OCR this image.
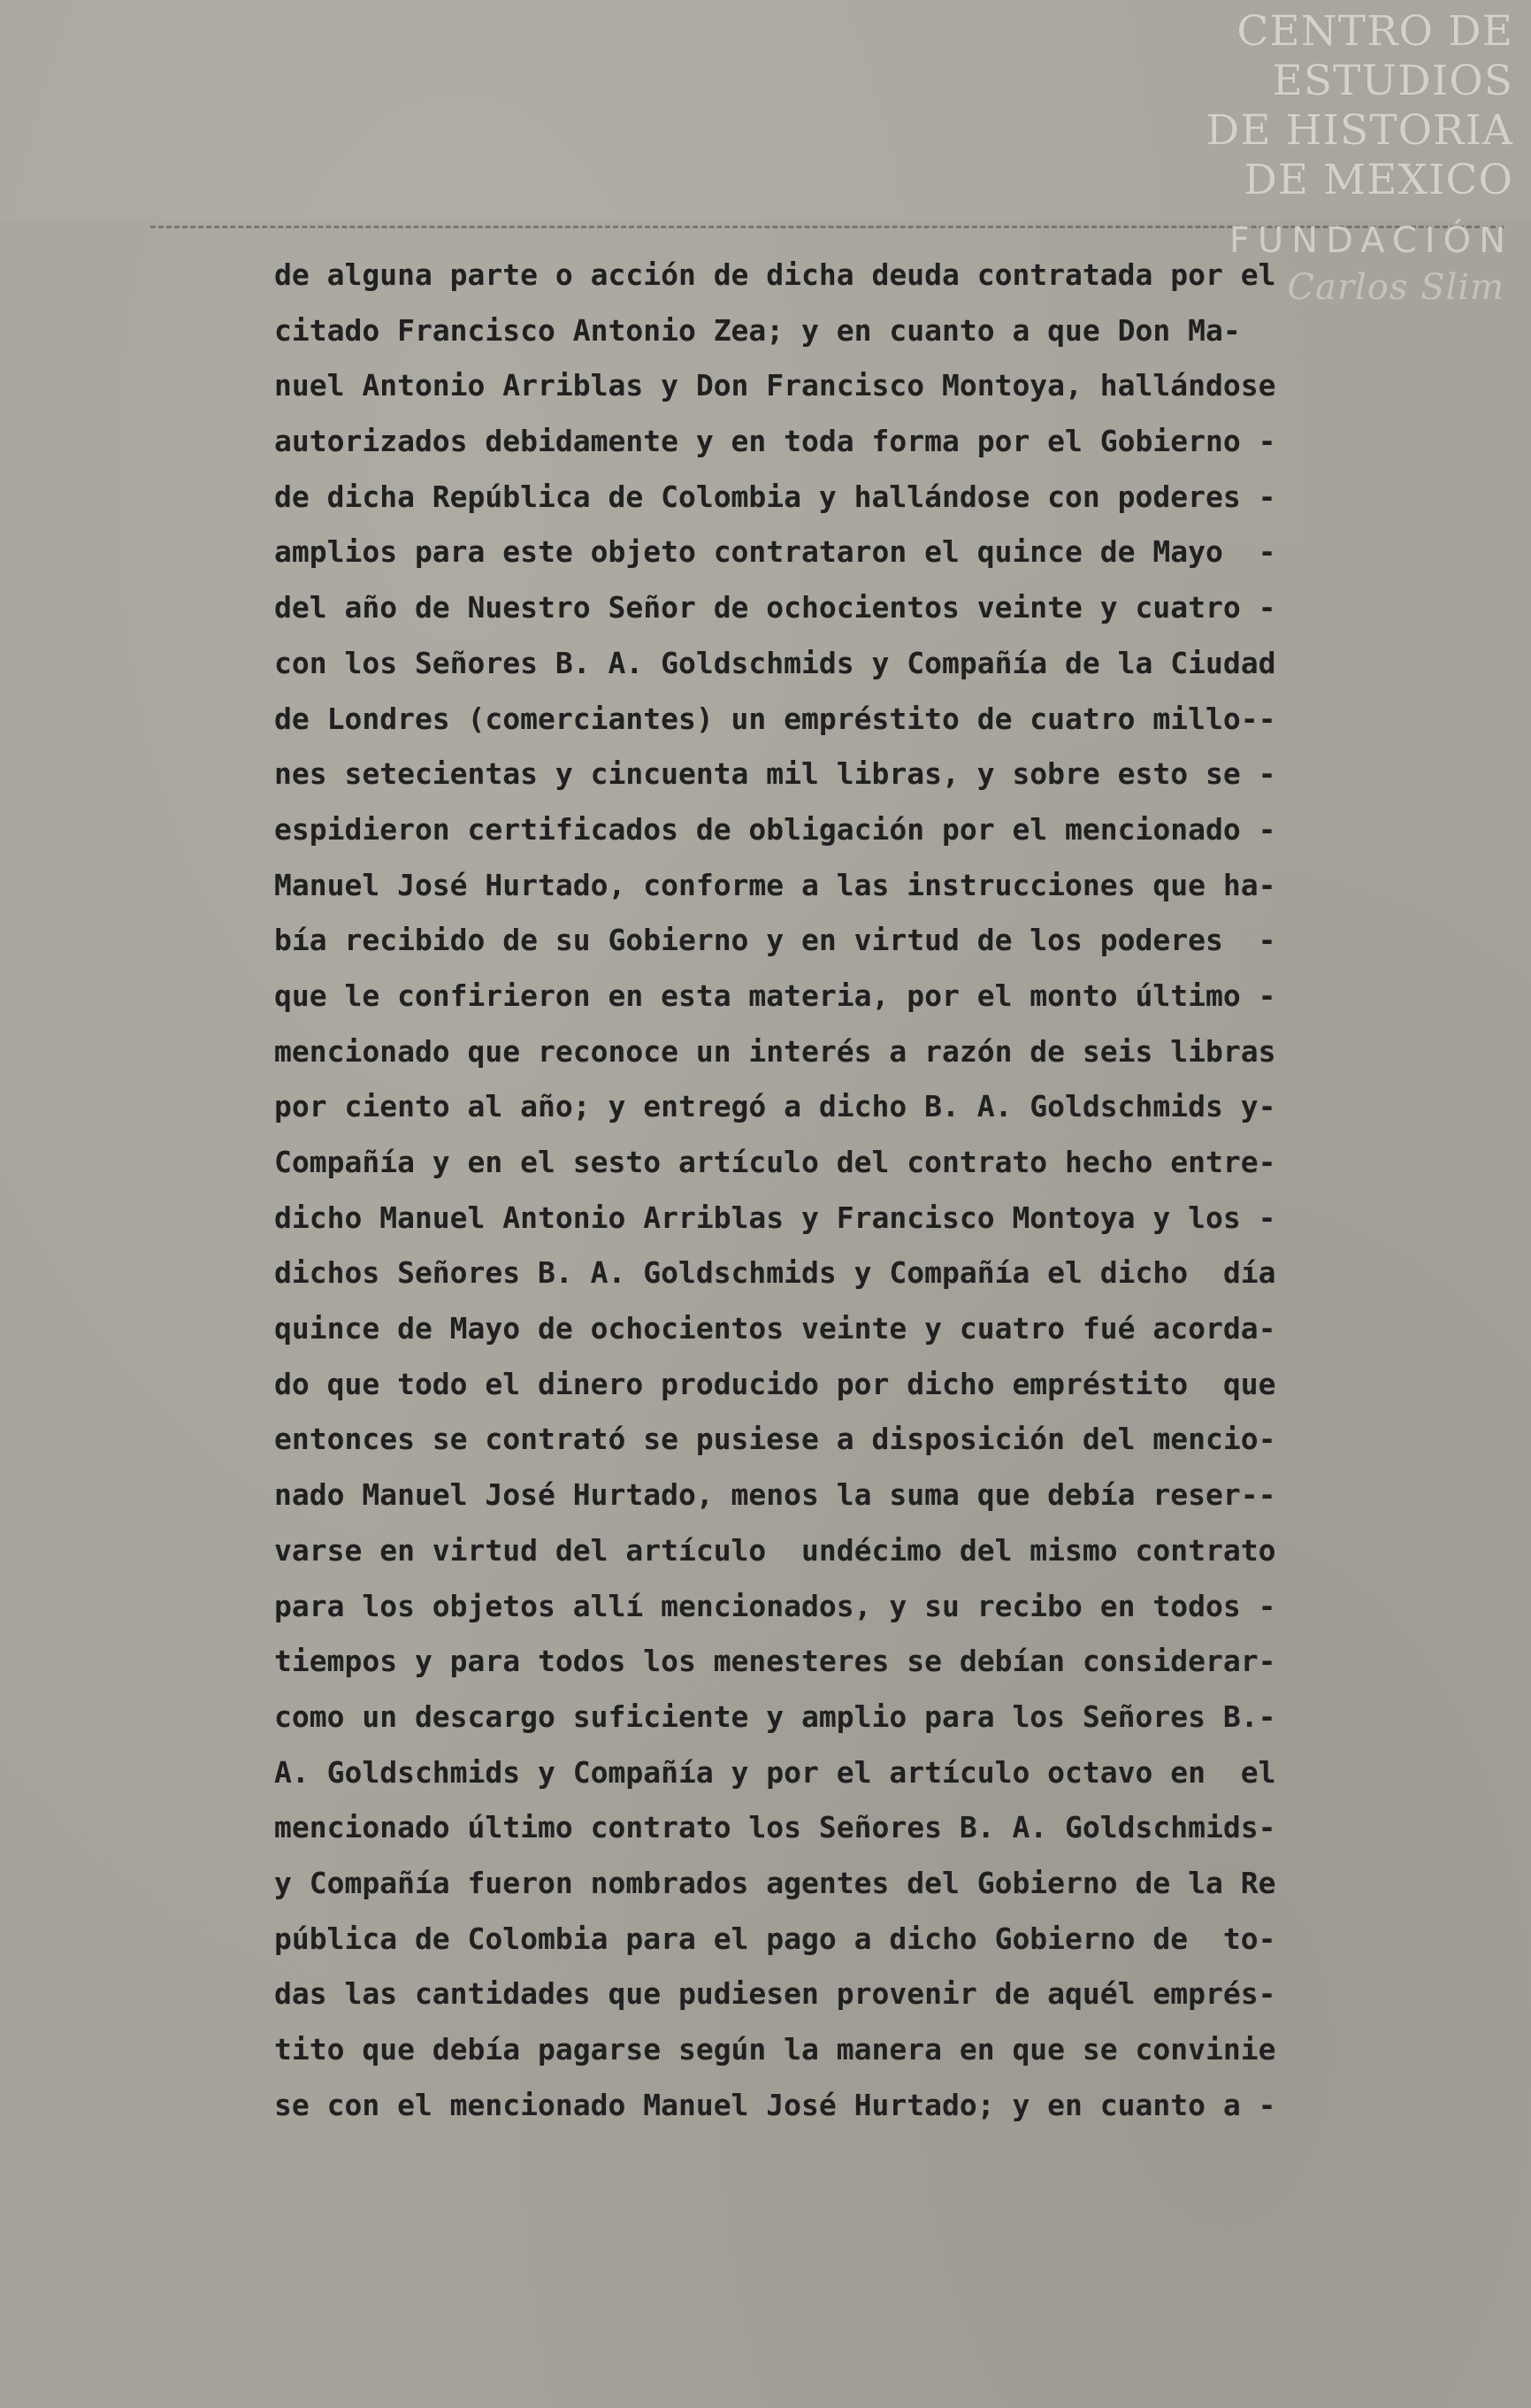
CENTRO DE
ESTUDIOS
DE HISTORIA
DE MEXICO
FUNDACIÓN
Carlos Slim
de alguna parte o acción de dicha deuda contratada por el
citado Francisco Antonio Zea; y en cuanto a que Don Ma-
nuel Antonio Arriblas y Don Francisco Montoya, hallándose
autorizados debidamente y en toda forma por el Gobierno -
de dicha República de Colombia y hallándose con poderes -
amplios para este objeto contrataron el quince de Mayo  -
del año de Nuestro Señor de ochocientos veinte y cuatro -
con los Señores B. A. Goldschmids y Compañía de la Ciudad
de Londres (comerciantes) un empréstito de cuatro millo--
nes setecientas y cincuenta mil libras, y sobre esto se -
espidieron certificados de obligación por el mencionado -
Manuel José Hurtado, conforme a las instrucciones que ha-
bía recibido de su Gobierno y en virtud de los poderes  -
que le confirieron en esta materia, por el monto último -
mencionado que reconoce un interés a razón de seis libras
por ciento al año; y entregó a dicho B. A. Goldschmids y-
Compañía y en el sesto artículo del contrato hecho entre-
dicho Manuel Antonio Arriblas y Francisco Montoya y los -
dichos Señores B. A. Goldschmids y Compañía el dicho  día
quince de Mayo de ochocientos veinte y cuatro fué acorda-
do que todo el dinero producido por dicho empréstito  que
entonces se contrató se pusiese a disposición del mencio-
nado Manuel José Hurtado, menos la suma que debía reser--
varse en virtud del artículo  undécimo del mismo contrato
para los objetos allí mencionados, y su recibo en todos -
tiempos y para todos los menesteres se debían considerar-
como un descargo suficiente y amplio para los Señores B.-
A. Goldschmids y Compañía y por el artículo octavo en  el
mencionado último contrato los Señores B. A. Goldschmids-
y Compañía fueron nombrados agentes del Gobierno de la Re
pública de Colombia para el pago a dicho Gobierno de  to-
das las cantidades que pudiesen provenir de aquél emprés-
tito que debía pagarse según la manera en que se convinie
se con el mencionado Manuel José Hurtado; y en cuanto a -
